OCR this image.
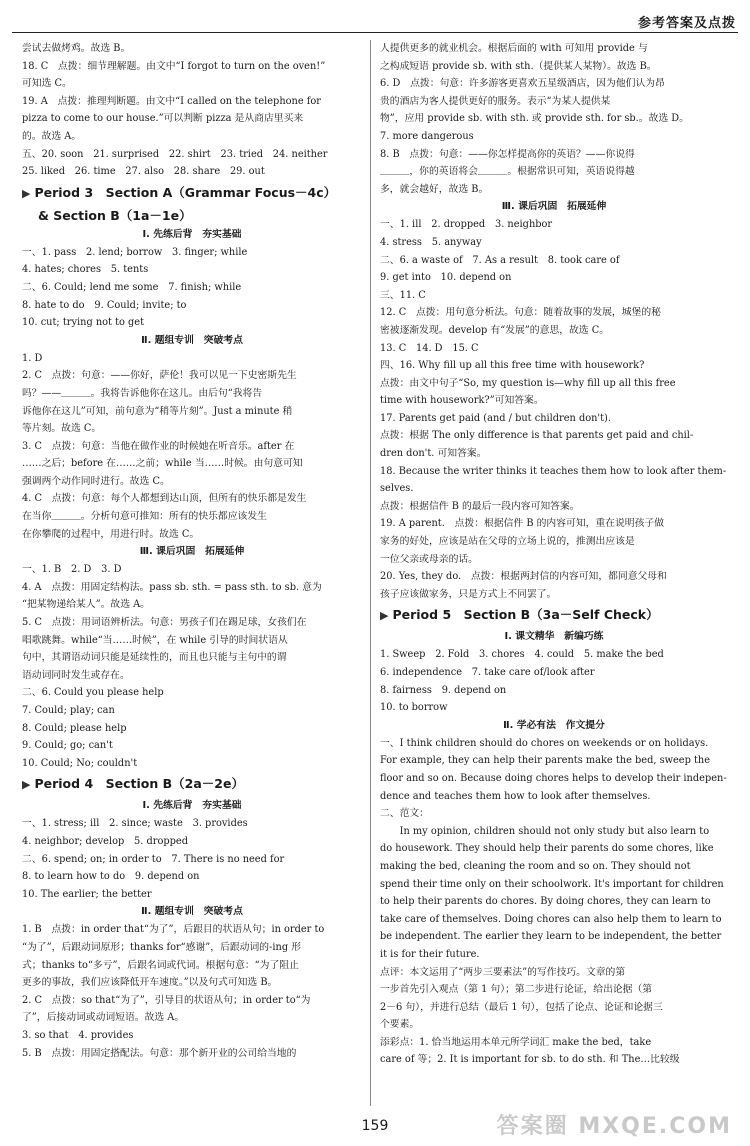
参考答案及点拨
尝试去做烤鸡。故选 B。
18. C　点拨：细节理解题。由文中“I forgot to turn on the oven!”
可知选 C。
19. A　点拨：推理判断题。由文中“I called on the telephone for
pizza to come to our house.”可以判断 pizza 是从商店里买来
的。故选 A。
五、20. soon　21. surprised　22. shirt　23. tried　24. neither
25. liked　26. time　27. also　28. share　29. out
▶ Period 3　Section A（Grammar Focus－4c）
& Section B（1a－1e）
Ⅰ. 先练后背　夯实基础
一、1. pass　2. lend; borrow　3. finger; while
4. hates; chores　5. tents
二、6. Could; lend me some　7. finish; while
8. hate to do　9. Could; invite; to
10. cut; trying not to get
Ⅱ. 题组专训　突破考点
1. D
2. C　点拨：句意：——你好，萨伦！我可以见一下史密斯先生
吗？——＿＿＿。我将告诉他你在这儿。由后句“我将告
诉他你在这儿”可知，前句意为“稍等片刻”。Just a minute 稍
等片刻。故选 C。
3. C　点拨：句意：当他在做作业的时候她在听音乐。after 在
……之后；before 在……之前；while 当……时候。由句意可知
强调两个动作同时进行。故选 C。
4. C　点拨：句意：每个人都想到达山顶，但所有的快乐都是发生
在当你＿＿＿。分析句意可推知：所有的快乐都应该发生
在你攀爬的过程中，用进行时。故选 C。
Ⅲ. 课后巩固　拓展延伸
一、1. B　2. D　3. D
4. A　点拨：用固定结构法。pass sb. sth. = pass sth. to sb. 意为
“把某物递给某人”。故选 A。
5. C　点拨：用词语辨析法。句意：男孩子们在踢足球，女孩们在
唱歌跳舞。while“当……时候”，在 while 引导的时间状语从
句中，其谓语动词只能是延续性的，而且也只能与主句中的谓
语动词同时发生或存在。
二、6. Could you please help
7. Could; play; can
8. Could; please help
9. Could; go; can't
10. Could; No; couldn't
▶ Period 4　Section B（2a－2e）
Ⅰ. 先练后背　夯实基础
一、1. stress; ill　2. since; waste　3. provides
4. neighbor; develop　5. dropped
二、6. spend; on; in order to　7. There is no need for
8. to learn how to do　9. depend on
10. The earlier; the better
Ⅱ. 题组专训　突破考点
1. B　点拨：in order that“为了”，后跟目的状语从句；in order to
“为了”，后跟动词原形；thanks for“感谢”，后跟动词的-ing 形
式；thanks to“多亏”，后跟名词或代词。根据句意：“为了阻止
更多的事故，我们应该降低开车速度。”以及句式可知选 B。
2. C　点拨：so that“为了”，引导目的状语从句；in order to“为
了”，后接动词或动词短语。故选 A。
3. so that　4. provides
5. B　点拨：用固定搭配法。句意：那个新开业的公司给当地的
人提供更多的就业机会。根据后面的 with 可知用 provide 与
之构成短语 provide sb. with sth.（提供某人某物）。故选 B。
6. D　点拨：句意：许多游客更喜欢五星级酒店，因为他们认为昂
贵的酒店为客人提供更好的服务。表示“为某人提供某
物”，应用 provide sb. with sth. 或 provide sth. for sb.。故选 D。
7. more dangerous
8. B　点拨：句意：——你怎样提高你的英语？——你说得
＿＿＿，你的英语将会＿＿＿。根据常识可知，英语说得越
多，就会越好，故选 B。
Ⅲ. 课后巩固　拓展延伸
一、1. ill　2. dropped　3. neighbor
4. stress　5. anyway
二、6. a waste of　7. As a result　8. took care of
9. get into　10. depend on
三、11. C
12. C　点拨：用句意分析法。句意：随着故事的发展，城堡的秘
密被逐渐发现。develop 有“发展”的意思，故选 C。
13. C　14. D　15. C
四、16. Why fill up all this free time with housework?
点拨：由文中句子“So, my question is—why fill up all this free
time with housework?”可知答案。
17. Parents get paid (and / but children don't).
点拨：根据 The only difference is that parents get paid and chil-
dren don't. 可知答案。
18. Because the writer thinks it teaches them how to look after them-
selves.
点拨：根据信件 B 的最后一段内容可知答案。
19. A parent.　点拨：根据信件 B 的内容可知，重在说明孩子做
家务的好处，应该是站在父母的立场上说的，推测出应该是
一位父亲或母亲的话。
20. Yes, they do.　点拨：根据两封信的内容可知，都同意父母和
孩子应该做家务，只是方式上不同罢了。
▶ Period 5　Section B（3a－Self Check）
Ⅰ. 课文精华　新编巧练
1. Sweep　2. Fold　3. chores　4. could　5. make the bed
6. independence　7. take care of/look after
8. fairness　9. depend on
10. to borrow
Ⅱ. 学必有法　作文提分
一、I think children should do chores on weekends or on holidays.
For example, they can help their parents make the bed, sweep the
floor and so on. Because doing chores helps to develop their indepen-
dence and teaches them how to look after themselves.
二、范文：
In my opinion, children should not only study but also learn to
do housework. They should help their parents do some chores, like
making the bed, cleaning the room and so on. They should not
spend their time only on their schoolwork. It's important for children
to help their parents do chores. By doing chores, they can learn to
take care of themselves. Doing chores can also help them to learn to
be independent. The earlier they learn to be independent, the better
it is for their future.
点评：本文运用了“两步三要素法”的写作技巧。文章的第
一步首先引入观点（第 1 句）；第二步进行论证，给出论据（第
2－6 句），并进行总结（最后 1 句），包括了论点、论证和论据三
个要素。
添彩点：1. 恰当地运用本单元所学词汇 make the bed，take
care of 等；2. It is important for sb. to do sth. 和 The…比较级
159	答案圈 MXQE.COM
